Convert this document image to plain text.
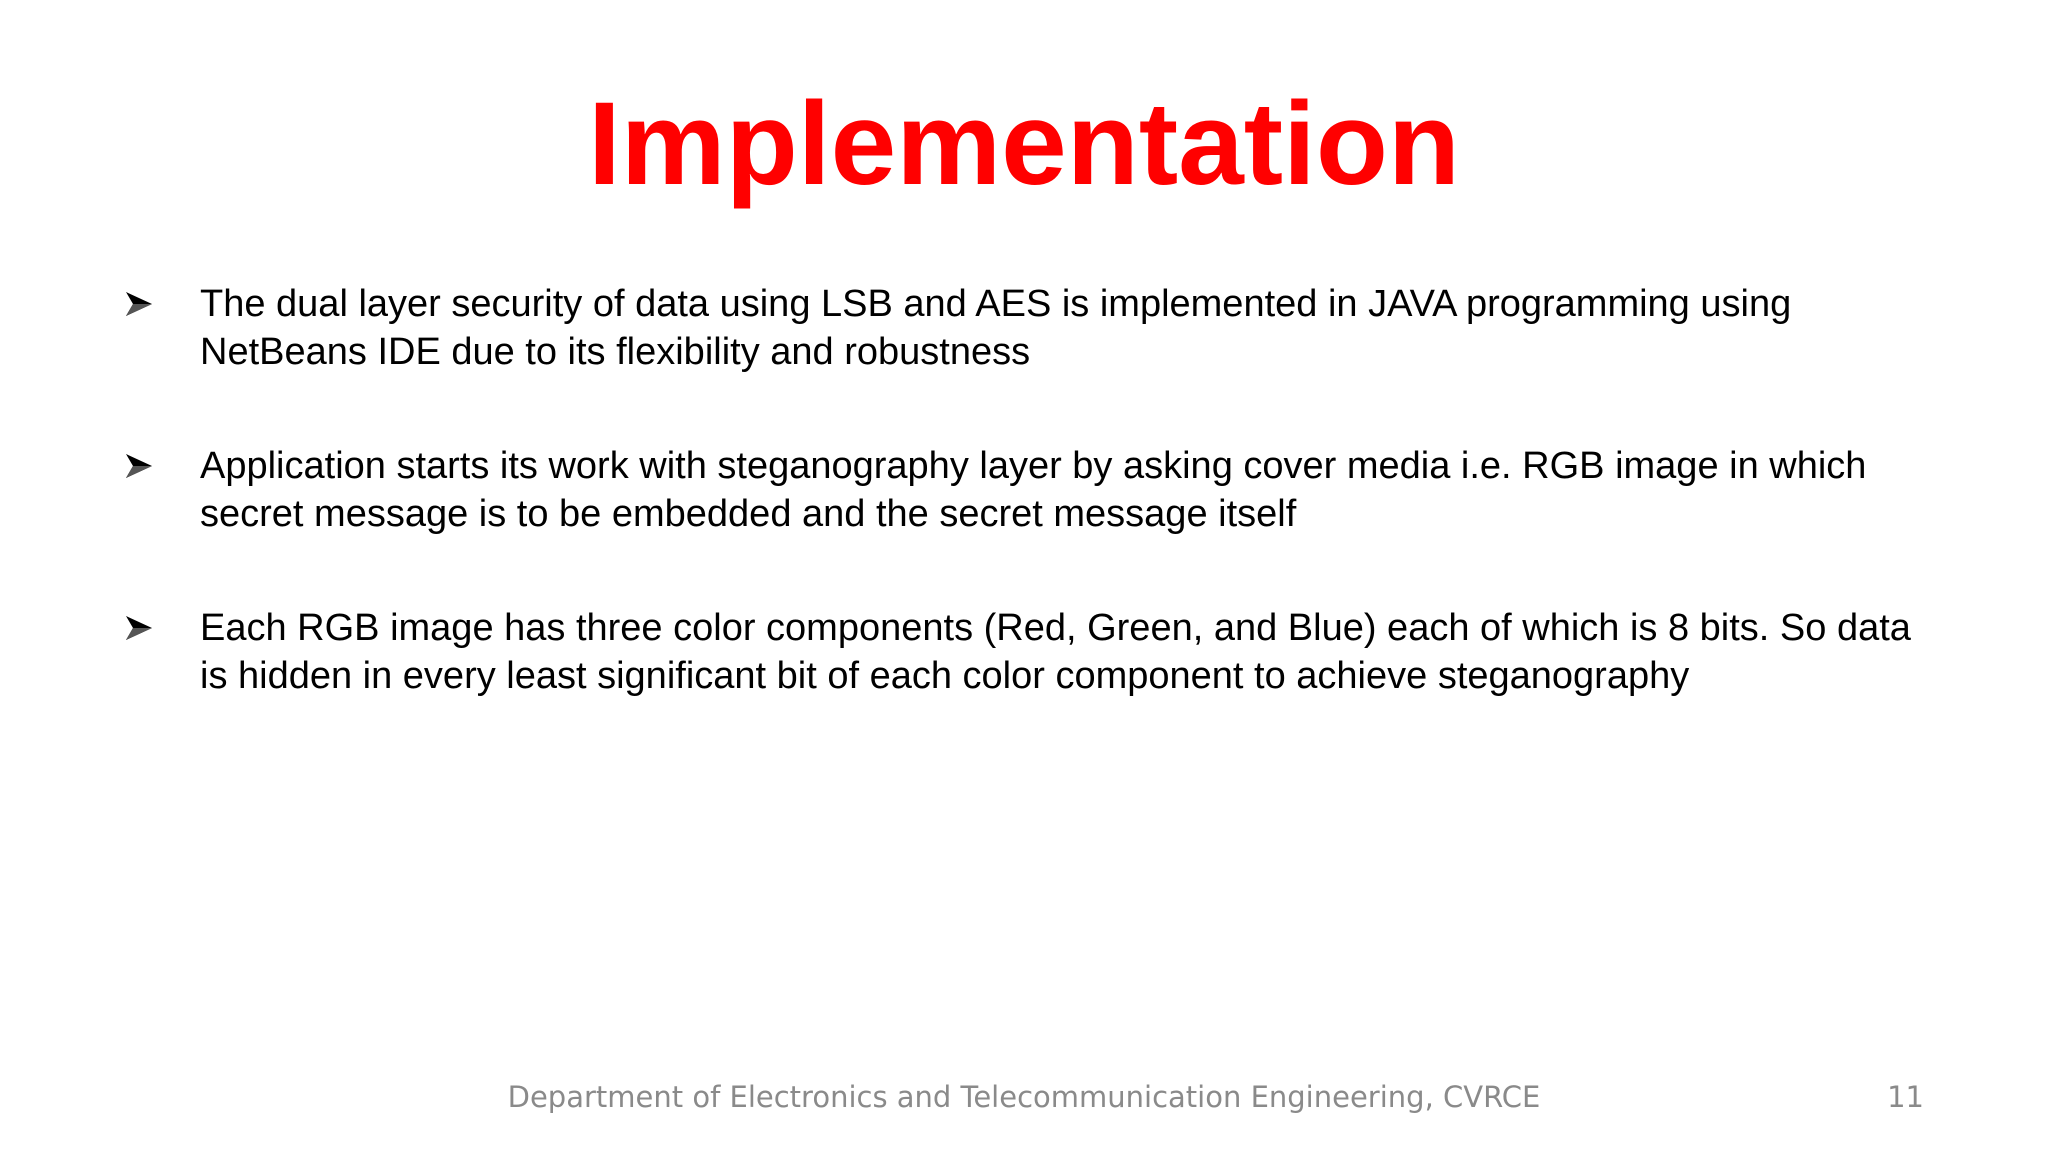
Implementation
The dual layer security of data using LSB and AES is implemented in JAVA programming using NetBeans IDE due to its flexibility and robustness
Application starts its work with steganography layer by asking cover media i.e. RGB image in which secret message is to be embedded and the secret message itself
Each RGB image has three color components (Red, Green, and Blue) each of which is 8 bits. So data is hidden in every least significant bit of each color component to achieve steganography
Department of Electronics and Telecommunication Engineering, CVRCE	11
